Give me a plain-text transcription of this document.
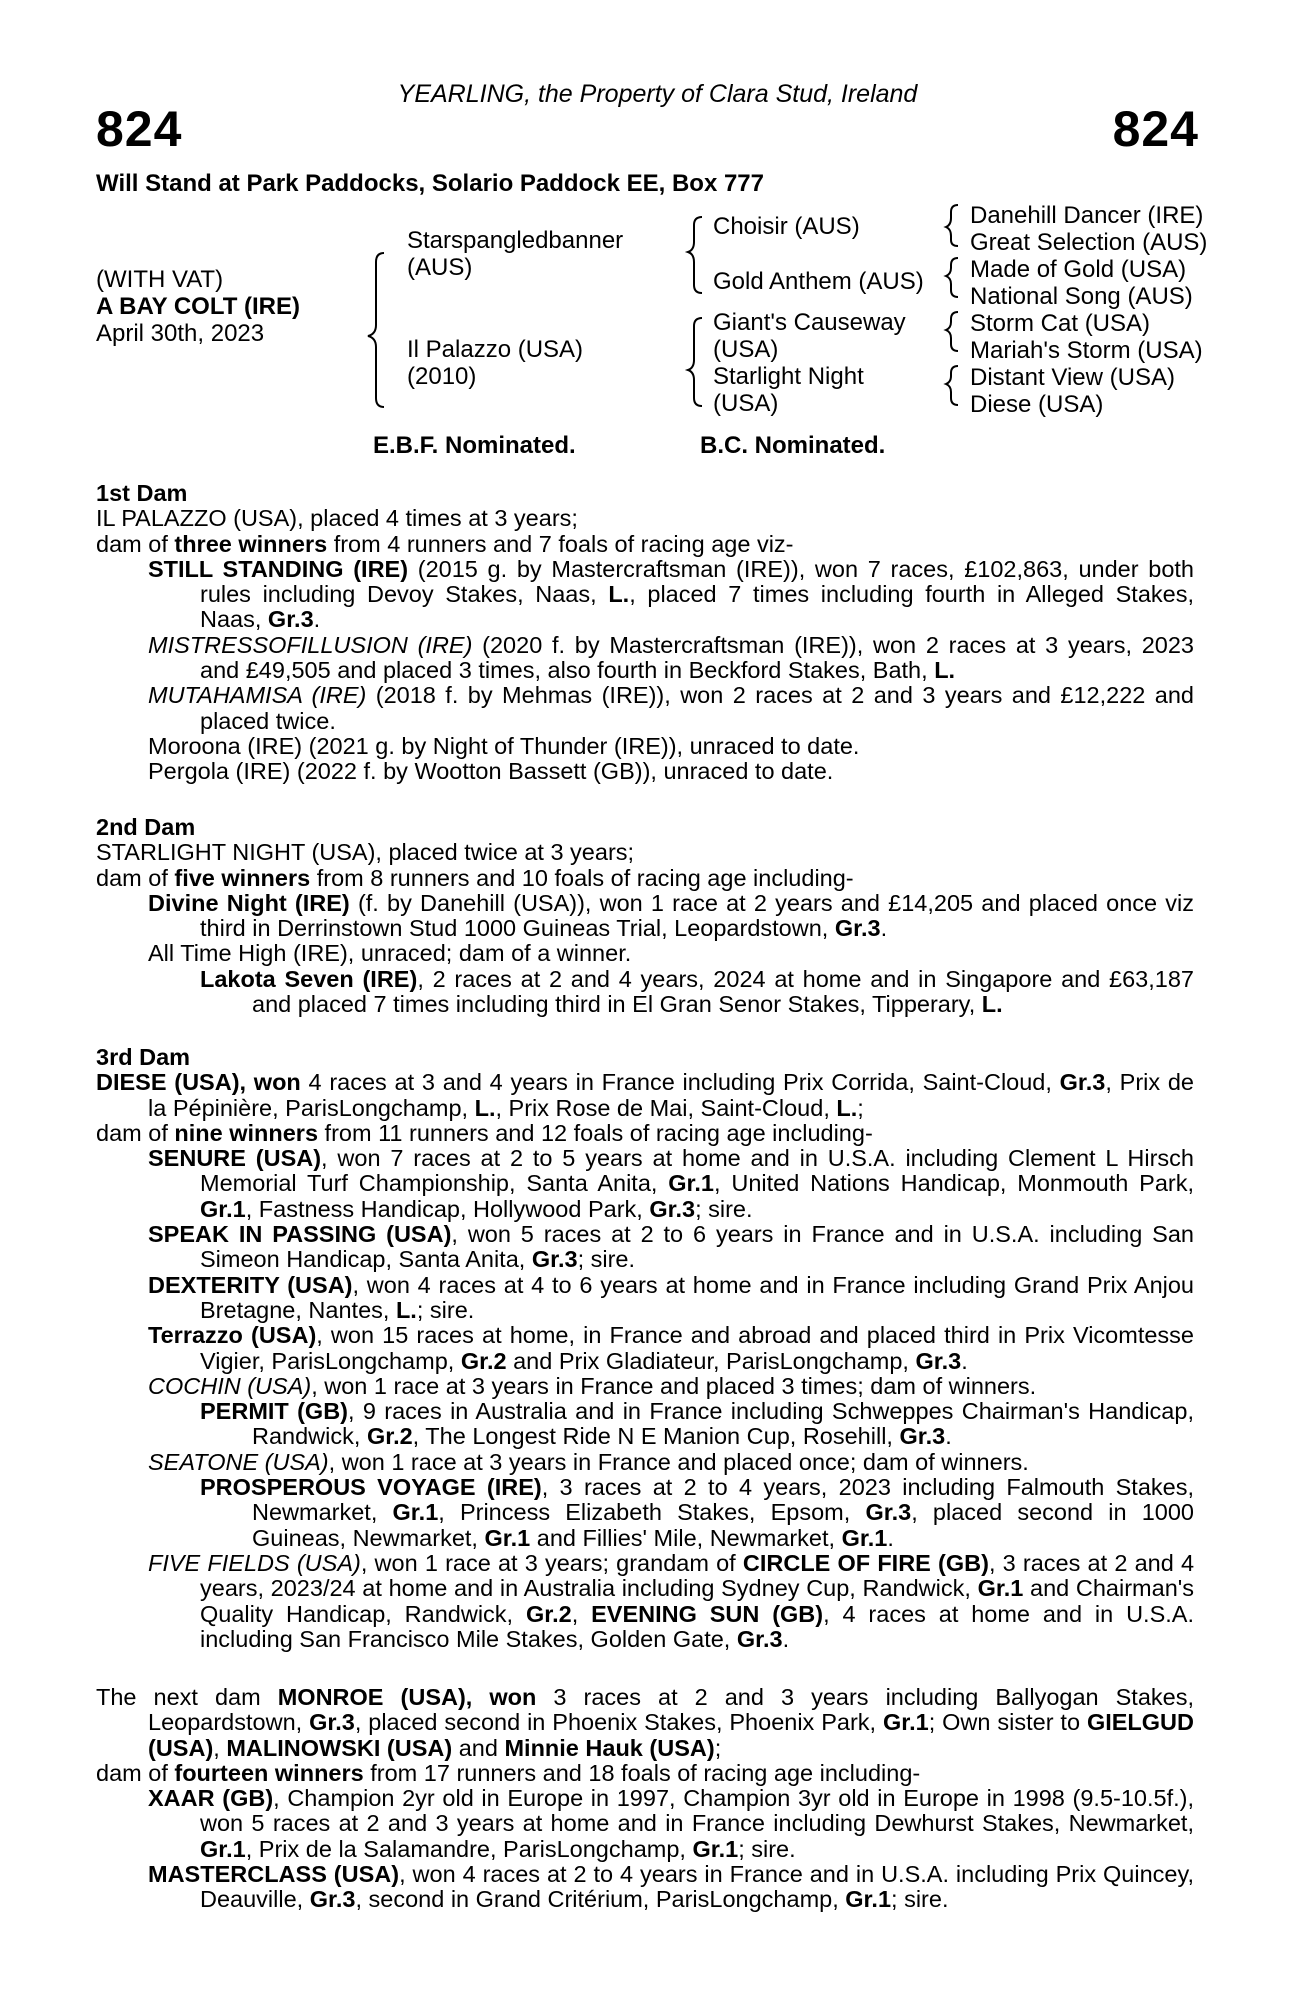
824	824
YEARLING, the Property of Clara Stud, Ireland
Will Stand at Park Paddocks, Solario Paddock EE, Box 777
(WITH VAT)
A BAY COLT (IRE)
April 30th, 2023
Starspangledbanner
(AUS)
Il Palazzo (USA)
(2010)
Choisir (AUS)
Gold Anthem (AUS)
Giant's Causeway
(USA)
Starlight Night
(USA)
Danehill Dancer (IRE)
Great Selection (AUS)
Made of Gold (USA)
National Song (AUS)
Storm Cat (USA)
Mariah's Storm (USA)
Distant View (USA)
Diese (USA)
E.B.F. Nominated.	B.C. Nominated.

1st Dam

IL PALAZZO (USA), placed 4 times at 3 years;

dam of three winners from 4 runners and 7 foals of racing age viz-

STILL STANDING (IRE) (2015 g. by Mastercraftsman (IRE)), won 7 races, £102,863, under both rules including Devoy Stakes, Naas, L., placed 7 times including fourth in Alleged Stakes, Naas, Gr.3.

MISTRESSOFILLUSION (IRE) (2020 f. by Mastercraftsman (IRE)), won 2 races at 3 years, 2023 and £49,505 and placed 3 times, also fourth in Beckford Stakes, Bath, L.

MUTAHAMISA (IRE) (2018 f. by Mehmas (IRE)), won 2 races at 2 and 3 years and £12,222 and placed twice.

Moroona (IRE) (2021 g. by Night of Thunder (IRE)), unraced to date.

Pergola (IRE) (2022 f. by Wootton Bassett (GB)), unraced to date.

2nd Dam

STARLIGHT NIGHT (USA), placed twice at 3 years;

dam of five winners from 8 runners and 10 foals of racing age including-

Divine Night (IRE) (f. by Danehill (USA)), won 1 race at 2 years and £14,205 and placed once viz third in Derrinstown Stud 1000 Guineas Trial, Leopardstown, Gr.3.

All Time High (IRE), unraced; dam of a winner.

Lakota Seven (IRE), 2 races at 2 and 4 years, 2024 at home and in Singapore and £63,187 and placed 7 times including third in El Gran Senor Stakes, Tipperary, L.

3rd Dam

DIESE (USA), won 4 races at 3 and 4 years in France including Prix Corrida, Saint-Cloud, Gr.3, Prix de la Pépinière, ParisLongchamp, L., Prix Rose de Mai, Saint-Cloud, L.;

dam of nine winners from 11 runners and 12 foals of racing age including-

SENURE (USA), won 7 races at 2 to 5 years at home and in U.S.A. including Clement L Hirsch Memorial Turf Championship, Santa Anita, Gr.1, United Nations Handicap, Monmouth Park, Gr.1, Fastness Handicap, Hollywood Park, Gr.3; sire.

SPEAK IN PASSING (USA), won 5 races at 2 to 6 years in France and in U.S.A. including San Simeon Handicap, Santa Anita, Gr.3; sire.

DEXTERITY (USA), won 4 races at 4 to 6 years at home and in France including Grand Prix Anjou Bretagne, Nantes, L.; sire.

Terrazzo (USA), won 15 races at home, in France and abroad and placed third in Prix Vicomtesse Vigier, ParisLongchamp, Gr.2 and Prix Gladiateur, ParisLongchamp, Gr.3.

COCHIN (USA), won 1 race at 3 years in France and placed 3 times; dam of winners.

PERMIT (GB), 9 races in Australia and in France including Schweppes Chairman's Handicap, Randwick, Gr.2, The Longest Ride N E Manion Cup, Rosehill, Gr.3.

SEATONE (USA), won 1 race at 3 years in France and placed once; dam of winners.

PROSPEROUS VOYAGE (IRE), 3 races at 2 to 4 years, 2023 including Falmouth Stakes, Newmarket, Gr.1, Princess Elizabeth Stakes, Epsom, Gr.3, placed second in 1000 Guineas, Newmarket, Gr.1 and Fillies' Mile, Newmarket, Gr.1.

FIVE FIELDS (USA), won 1 race at 3 years; grandam of CIRCLE OF FIRE (GB), 3 races at 2 and 4 years, 2023/24 at home and in Australia including Sydney Cup, Randwick, Gr.1 and Chairman's Quality Handicap, Randwick, Gr.2, EVENING SUN (GB), 4 races at home and in U.S.A. including San Francisco Mile Stakes, Golden Gate, Gr.3.

The next dam MONROE (USA), won 3 races at 2 and 3 years including Ballyogan Stakes, Leopardstown, Gr.3, placed second in Phoenix Stakes, Phoenix Park, Gr.1; Own sister to GIELGUD (USA), MALINOWSKI (USA) and Minnie Hauk (USA);

dam of fourteen winners from 17 runners and 18 foals of racing age including-

XAAR (GB), Champion 2yr old in Europe in 1997, Champion 3yr old in Europe in 1998 (9.5-10.5f.), won 5 races at 2 and 3 years at home and in France including Dewhurst Stakes, Newmarket, Gr.1, Prix de la Salamandre, ParisLongchamp, Gr.1; sire.

MASTERCLASS (USA), won 4 races at 2 to 4 years in France and in U.S.A. including Prix Quincey, Deauville, Gr.3, second in Grand Critérium, ParisLongchamp, Gr.1; sire.
